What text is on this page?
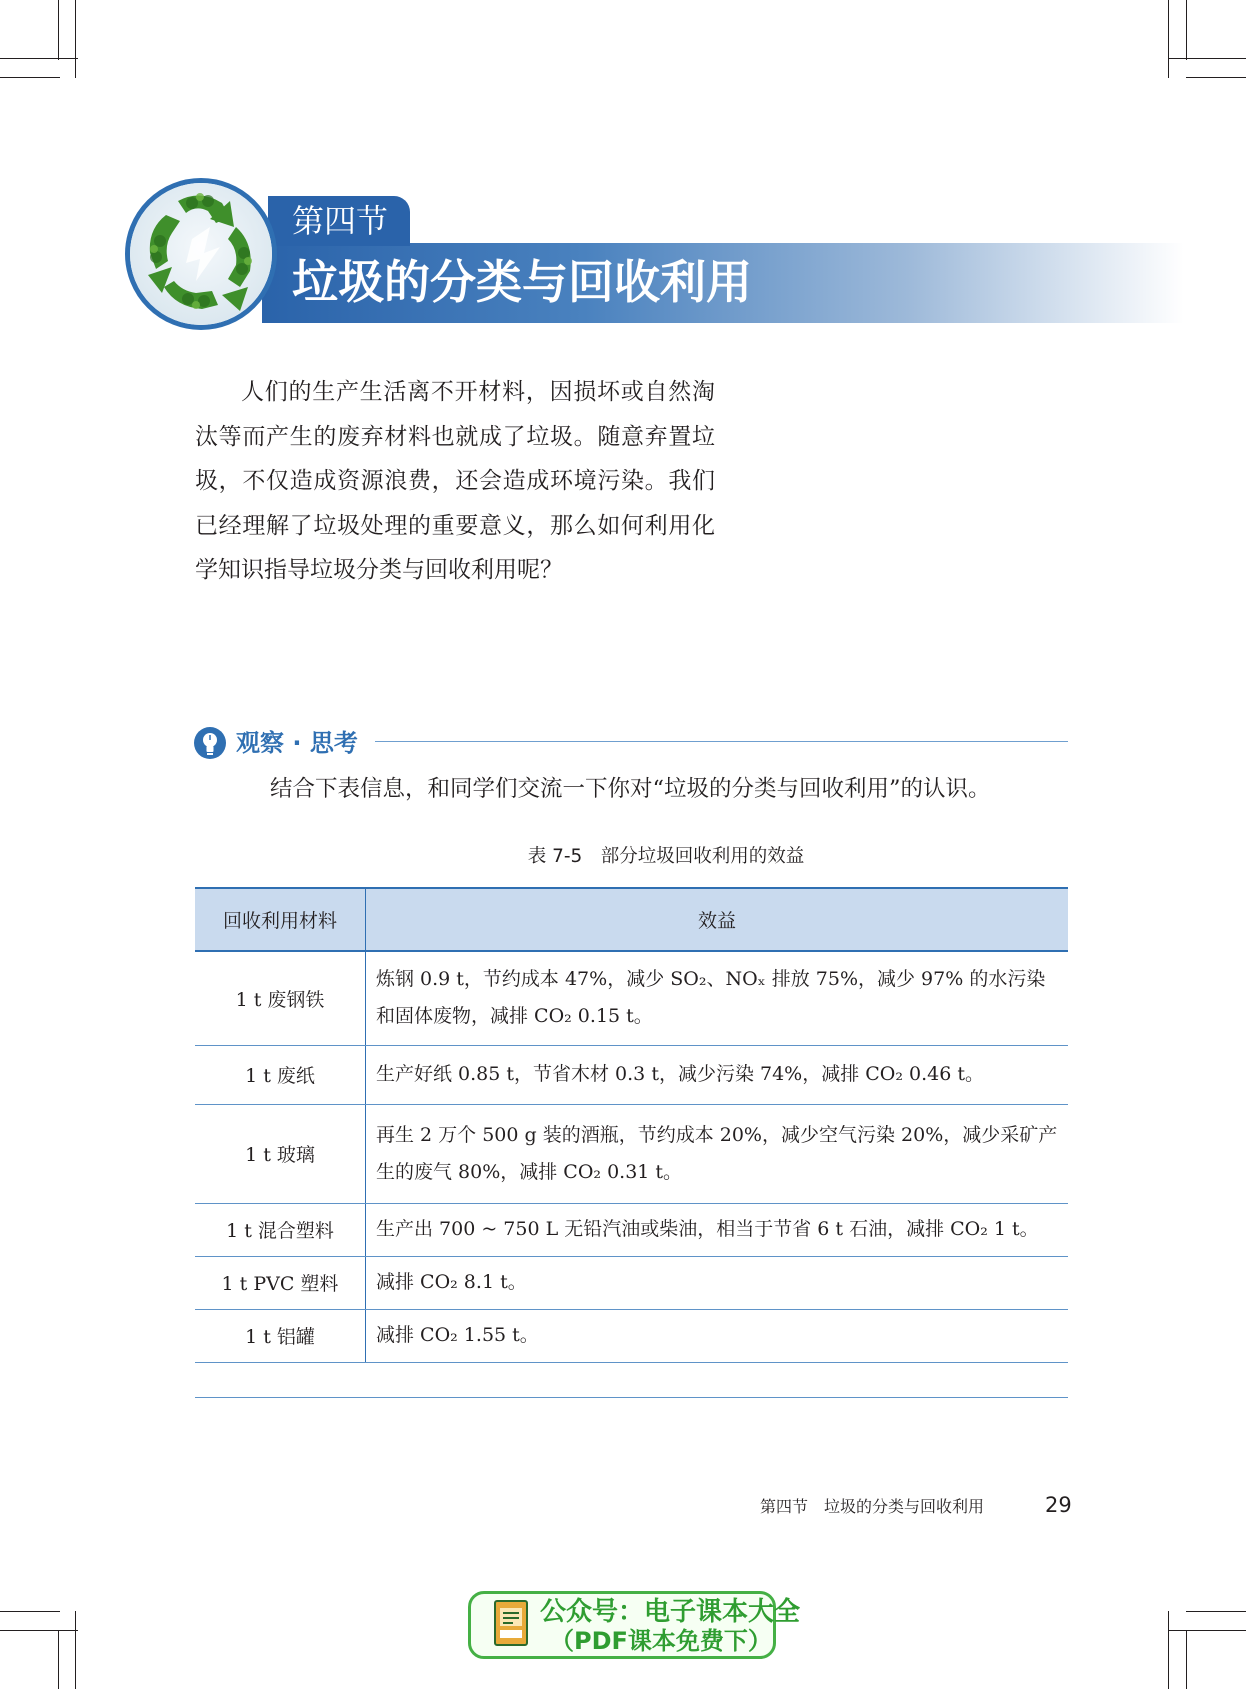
第四节
垃圾的分类与回收利用

人们的生产生活离不开材料，因损坏或自然淘汰等而产生的废弃材料也就成了垃圾。随意弃置垃圾，不仅造成资源浪费，还会造成环境污染。我们已经理解了垃圾处理的重要意义，那么如何利用化学知识指导垃圾分类与回收利用呢？

观察 · 思考
结合下表信息，和同学们交流一下你对“垃圾的分类与回收利用”的认识。
表 7-5　部分垃圾回收利用的效益
回收利用材料	效益
1 t 废钢铁	炼钢 0.9 t，节约成本 47%，减少 SO₂、NOₓ 排放 75%，减少 97% 的水污染和固体废物，减排 CO₂ 0.15 t。
1 t 废纸	生产好纸 0.85 t，节省木材 0.3 t，减少污染 74%，减排 CO₂ 0.46 t。
1 t 玻璃	再生 2 万个 500 g 装的酒瓶，节约成本 20%，减少空气污染 20%，减少采矿产生的废气 80%，减排 CO₂ 0.31 t。
1 t 混合塑料	生产出 700 ~ 750 L 无铅汽油或柴油，相当于节省 6 t 石油，减排 CO₂ 1 t。
1 t PVC 塑料	减排 CO₂ 8.1 t。
1 t 铝罐	减排 CO₂ 1.55 t。
第四节　垃圾的分类与回收利用	29
公众号：电子课本大全
（PDF课本免费下）
